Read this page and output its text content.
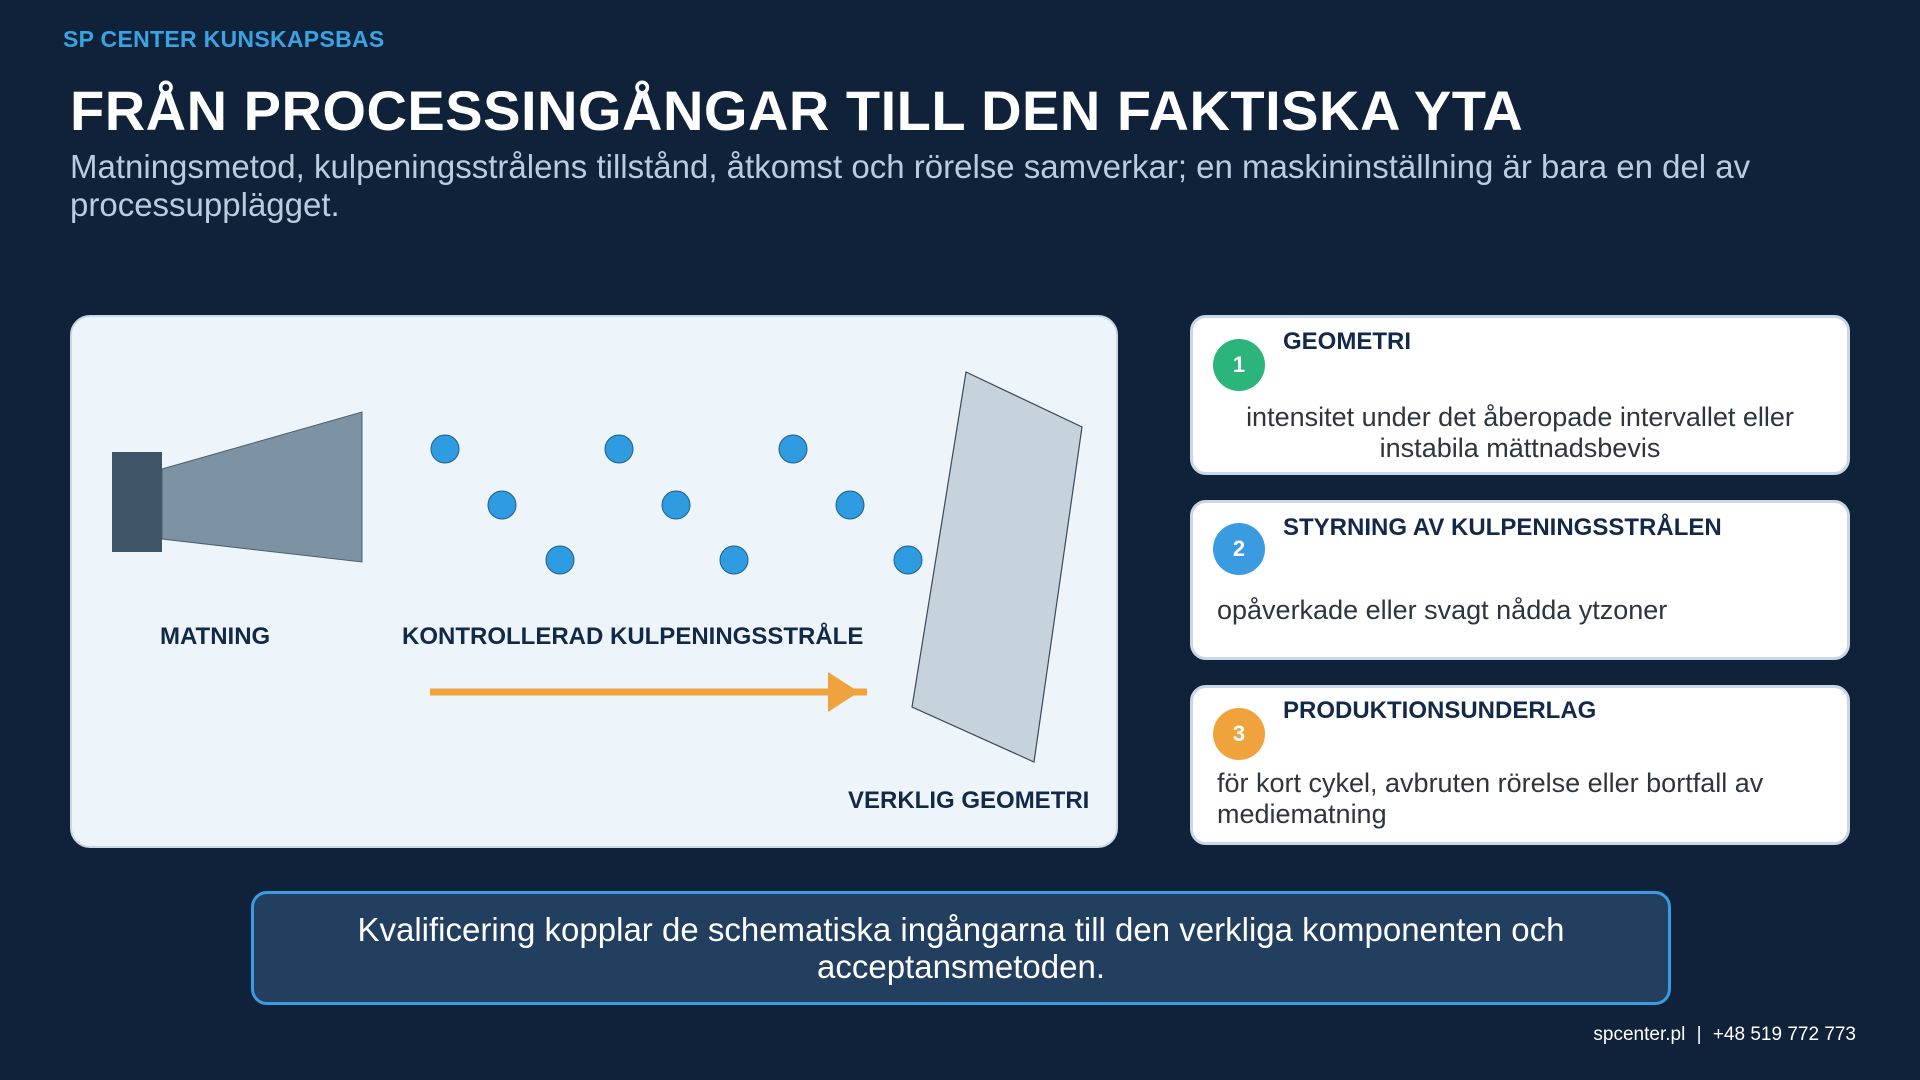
SP CENTER KUNSKAPSBAS
FRÅN PROCESSINGÅNGAR TILL DEN FAKTISKA YTA
Matningsmetod, kulpeningsstrålens tillstånd, åtkomst och rörelse samverkar; en maskininställning är bara en del av processupplägget.
MATNING	KONTROLLERAD KULPENINGSSTRÅLE
VERKLIG GEOMETRI
1
GEOMETRI
intensitet under det åberopade intervallet eller instabila mättnadsbevis
2
STYRNING AV KULPENINGSSTRÅLEN
opåverkade eller svagt nådda ytzoner
3
PRODUKTIONSUNDERLAG
för kort cykel, avbruten rörelse eller bortfall av mediematning
Kvalificering kopplar de schematiska ingångarna till den verkliga komponenten och acceptansmetoden.
spcenter.pl | +48 519 772 773
